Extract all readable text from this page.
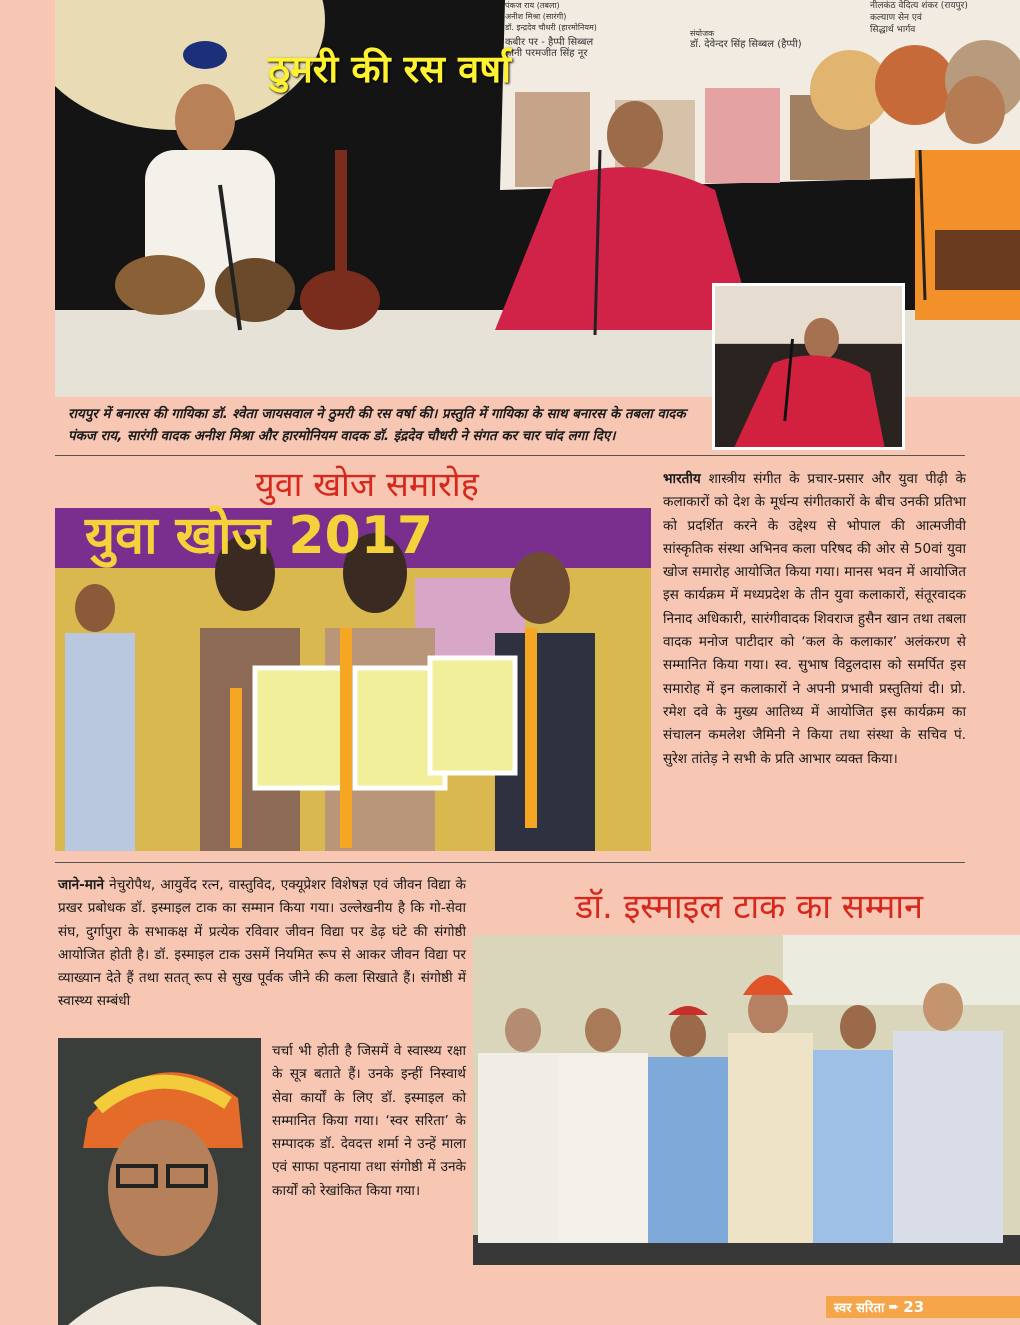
पंकज राय (तबला)
अनीश मिश्रा (सारंगी)
डॉ. इन्द्रदेव चौधरी (हारमोनियम)
कबीर पर - हैप्पी सिब्बल
ज्ञानी परमजीत सिंह नूर
संयोजक
डॉ. देवेन्दर सिंह सिब्बल (हैप्पी)
नीलकंठ वेदित्य शंकर (रायपुर)
कल्याण सेन एवं
सिद्धार्थ भार्गव
ठुमरी की रस वर्षा
रायपुर में बनारस की गायिका डॉ. श्वेता जायसवाल ने ठुमरी की रस वर्षा की। प्रस्तुति में गायिका के साथ बनारस के तबला वादक पंकज राय, सारंगी वादक अनीश मिश्रा और हारमोनियम वादक डॉ. इंद्रदेव चौधरी ने संगत कर चार चांद लगा दिए।
युवा खोज समारोह
युवा खोज 2017
भारतीय शास्त्रीय संगीत के प्रचार-प्रसार और युवा पीढ़ी के कलाकारों को देश के मूर्धन्य संगीतकारों के बीच उनकी प्रतिभा को प्रदर्शित करने के उद्देश्य से भोपाल की आत्मजीवी सांस्कृतिक संस्था अभिनव कला परिषद की ओर से 50वां युवा खोज समारोह आयोजित किया गया। मानस भवन में आयोजित इस कार्यक्रम में मध्यप्रदेश के तीन युवा कलाकारों, संतूरवादक निनाद अधिकारी, सारंगीवादक शिवराज हुसैन खान तथा तबला वादक मनोज पाटीदार को ‘कल के कलाकार’ अलंकरण से सम्मानित किया गया। स्व. सुभाष विट्ठलदास को समर्पित इस समारोह में इन कलाकारों ने अपनी प्रभावी प्रस्तुतियां दी। प्रो. रमेश दवे के मुख्य आतिथ्य में आयोजित इस कार्यक्रम का संचालन कमलेश जैमिनी ने किया तथा संस्था के सचिव पं. सुरेश तांतेड़ ने सभी के प्रति आभार व्यक्त किया।
जाने-माने नेचुरोपैथ, आयुर्वेद रत्न, वास्तुविद, एक्यूप्रेशर विशेषज्ञ एवं जीवन विद्या के प्रखर प्रबोधक डॉ. इस्माइल टाक का सम्मान किया गया। उल्लेखनीय है कि गो-सेवा संघ, दुर्गापुरा के सभाकक्ष में प्रत्येक रविवार जीवन विद्या पर डेढ़ घंटे की संगोष्ठी आयोजित होती है। डॉ. इस्माइल टाक उसमें नियमित रूप से आकर जीवन विद्या पर व्याख्यान देते हैं तथा सतत् रूप से सुख पूर्वक जीने की कला सिखाते हैं। संगोष्ठी में स्वास्थ्य सम्बंधी
चर्चा भी होती है जिसमें वे स्वास्थ्य रक्षा के सूत्र बताते हैं। उनके इन्हीं निस्वार्थ सेवा कार्यों के लिए डॉ. इस्माइल को सम्मानित किया गया। ‘स्वर सरिता’ के सम्पादक डॉ. देवदत्त शर्मा ने उन्हें माला एवं साफा पहनाया तथा संगोष्ठी में उनके कार्यों को रेखांकित किया गया।
डॉ. इस्माइल टाक का सम्मान
स्वर सरिता ➨ 23
